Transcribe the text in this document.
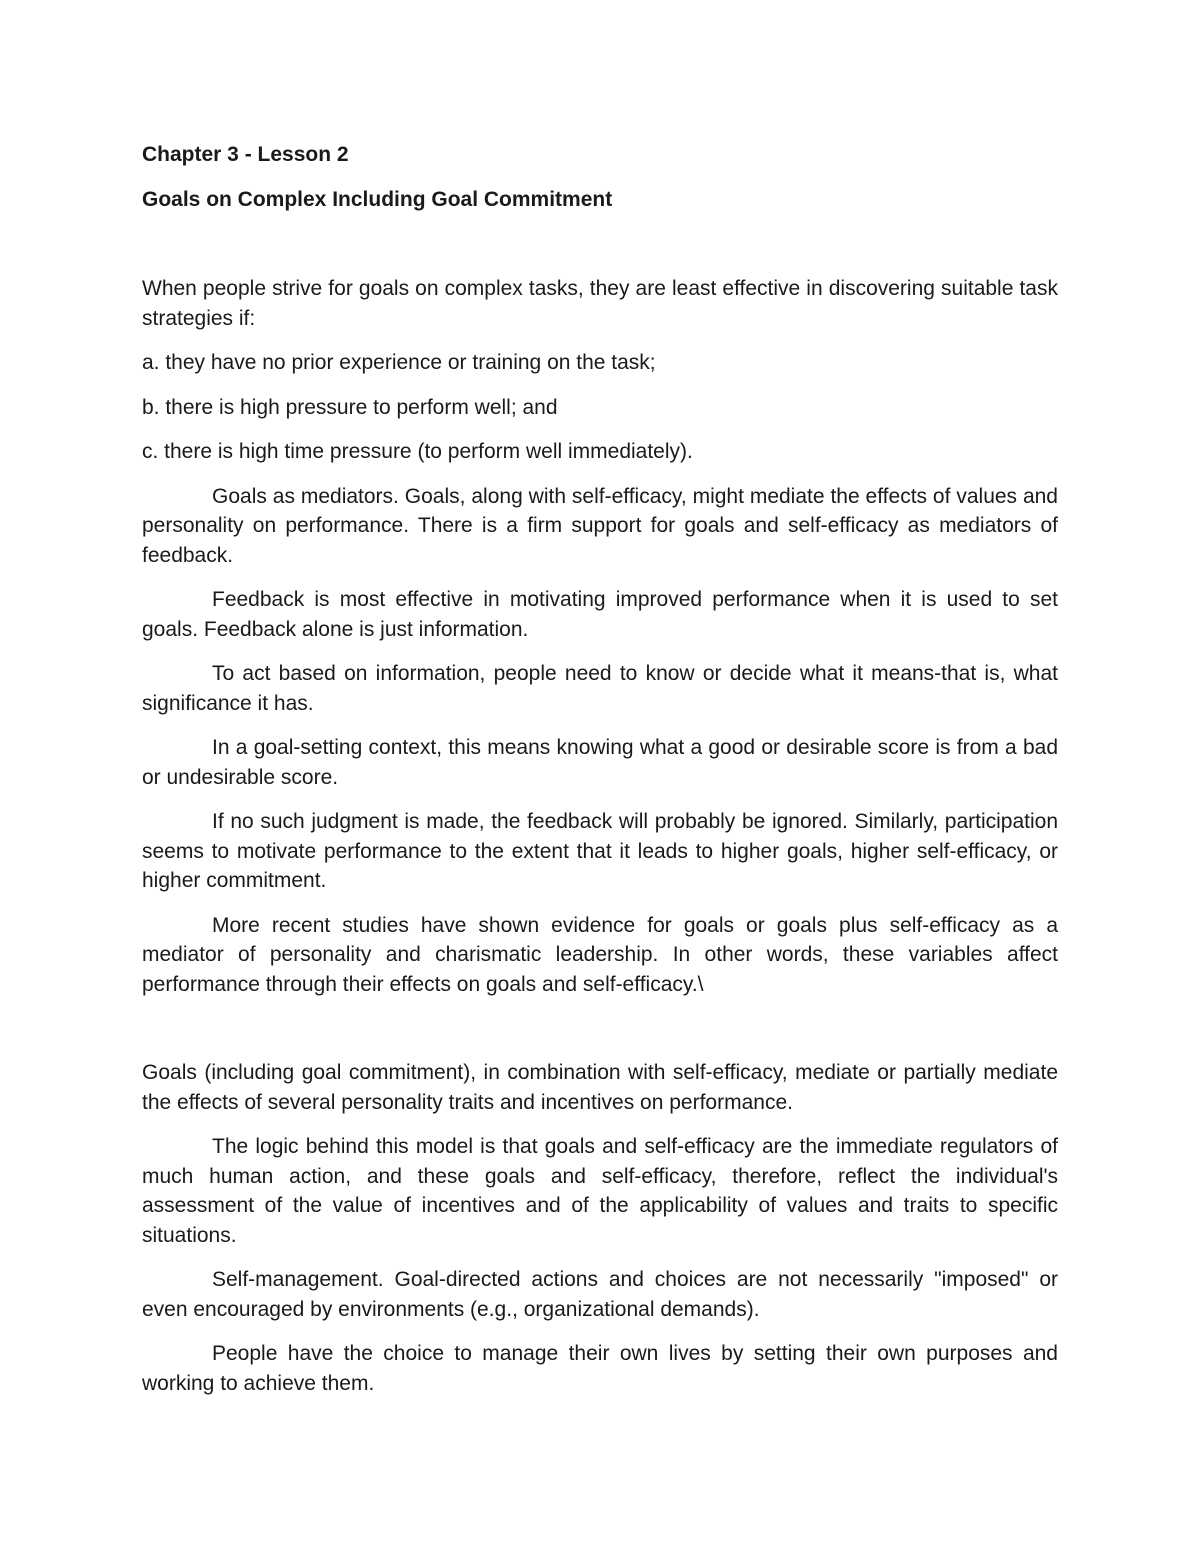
Chapter 3 - Lesson 2
Goals on Complex Including Goal Commitment

When people strive for goals on complex tasks, they are least effective in discovering suitable task strategies if:

a. they have no prior experience or training on the task;

b. there is high pressure to perform well; and

c. there is high time pressure (to perform well immediately).

Goals as mediators. Goals, along with self-efficacy, might mediate the effects of values and personality on performance. There is a firm support for goals and self-efficacy as mediators of feedback.

Feedback is most effective in motivating improved performance when it is used to set goals. Feedback alone is just information.

To act based on information, people need to know or decide what it means-that is, what significance it has.

In a goal-setting context, this means knowing what a good or desirable score is from a bad or undesirable score.

If no such judgment is made, the feedback will probably be ignored. Similarly, participation seems to motivate performance to the extent that it leads to higher goals, higher self-efficacy, or higher commitment.

More recent studies have shown evidence for goals or goals plus self-efficacy as a mediator of personality and charismatic leadership. In other words, these variables affect performance through their effects on goals and self-efficacy.\

Goals (including goal commitment), in combination with self-efficacy, mediate or partially mediate the effects of several personality traits and incentives on performance.

The logic behind this model is that goals and self-efficacy are the immediate regulators of much human action, and these goals and self-efficacy, therefore, reflect the individual's assessment of the value of incentives and of the applicability of values and traits to specific situations.

Self-management. Goal-directed actions and choices are not necessarily "imposed" or even encouraged by environments (e.g., organizational demands).

People have the choice to manage their own lives by setting their own purposes and working to achieve them.
